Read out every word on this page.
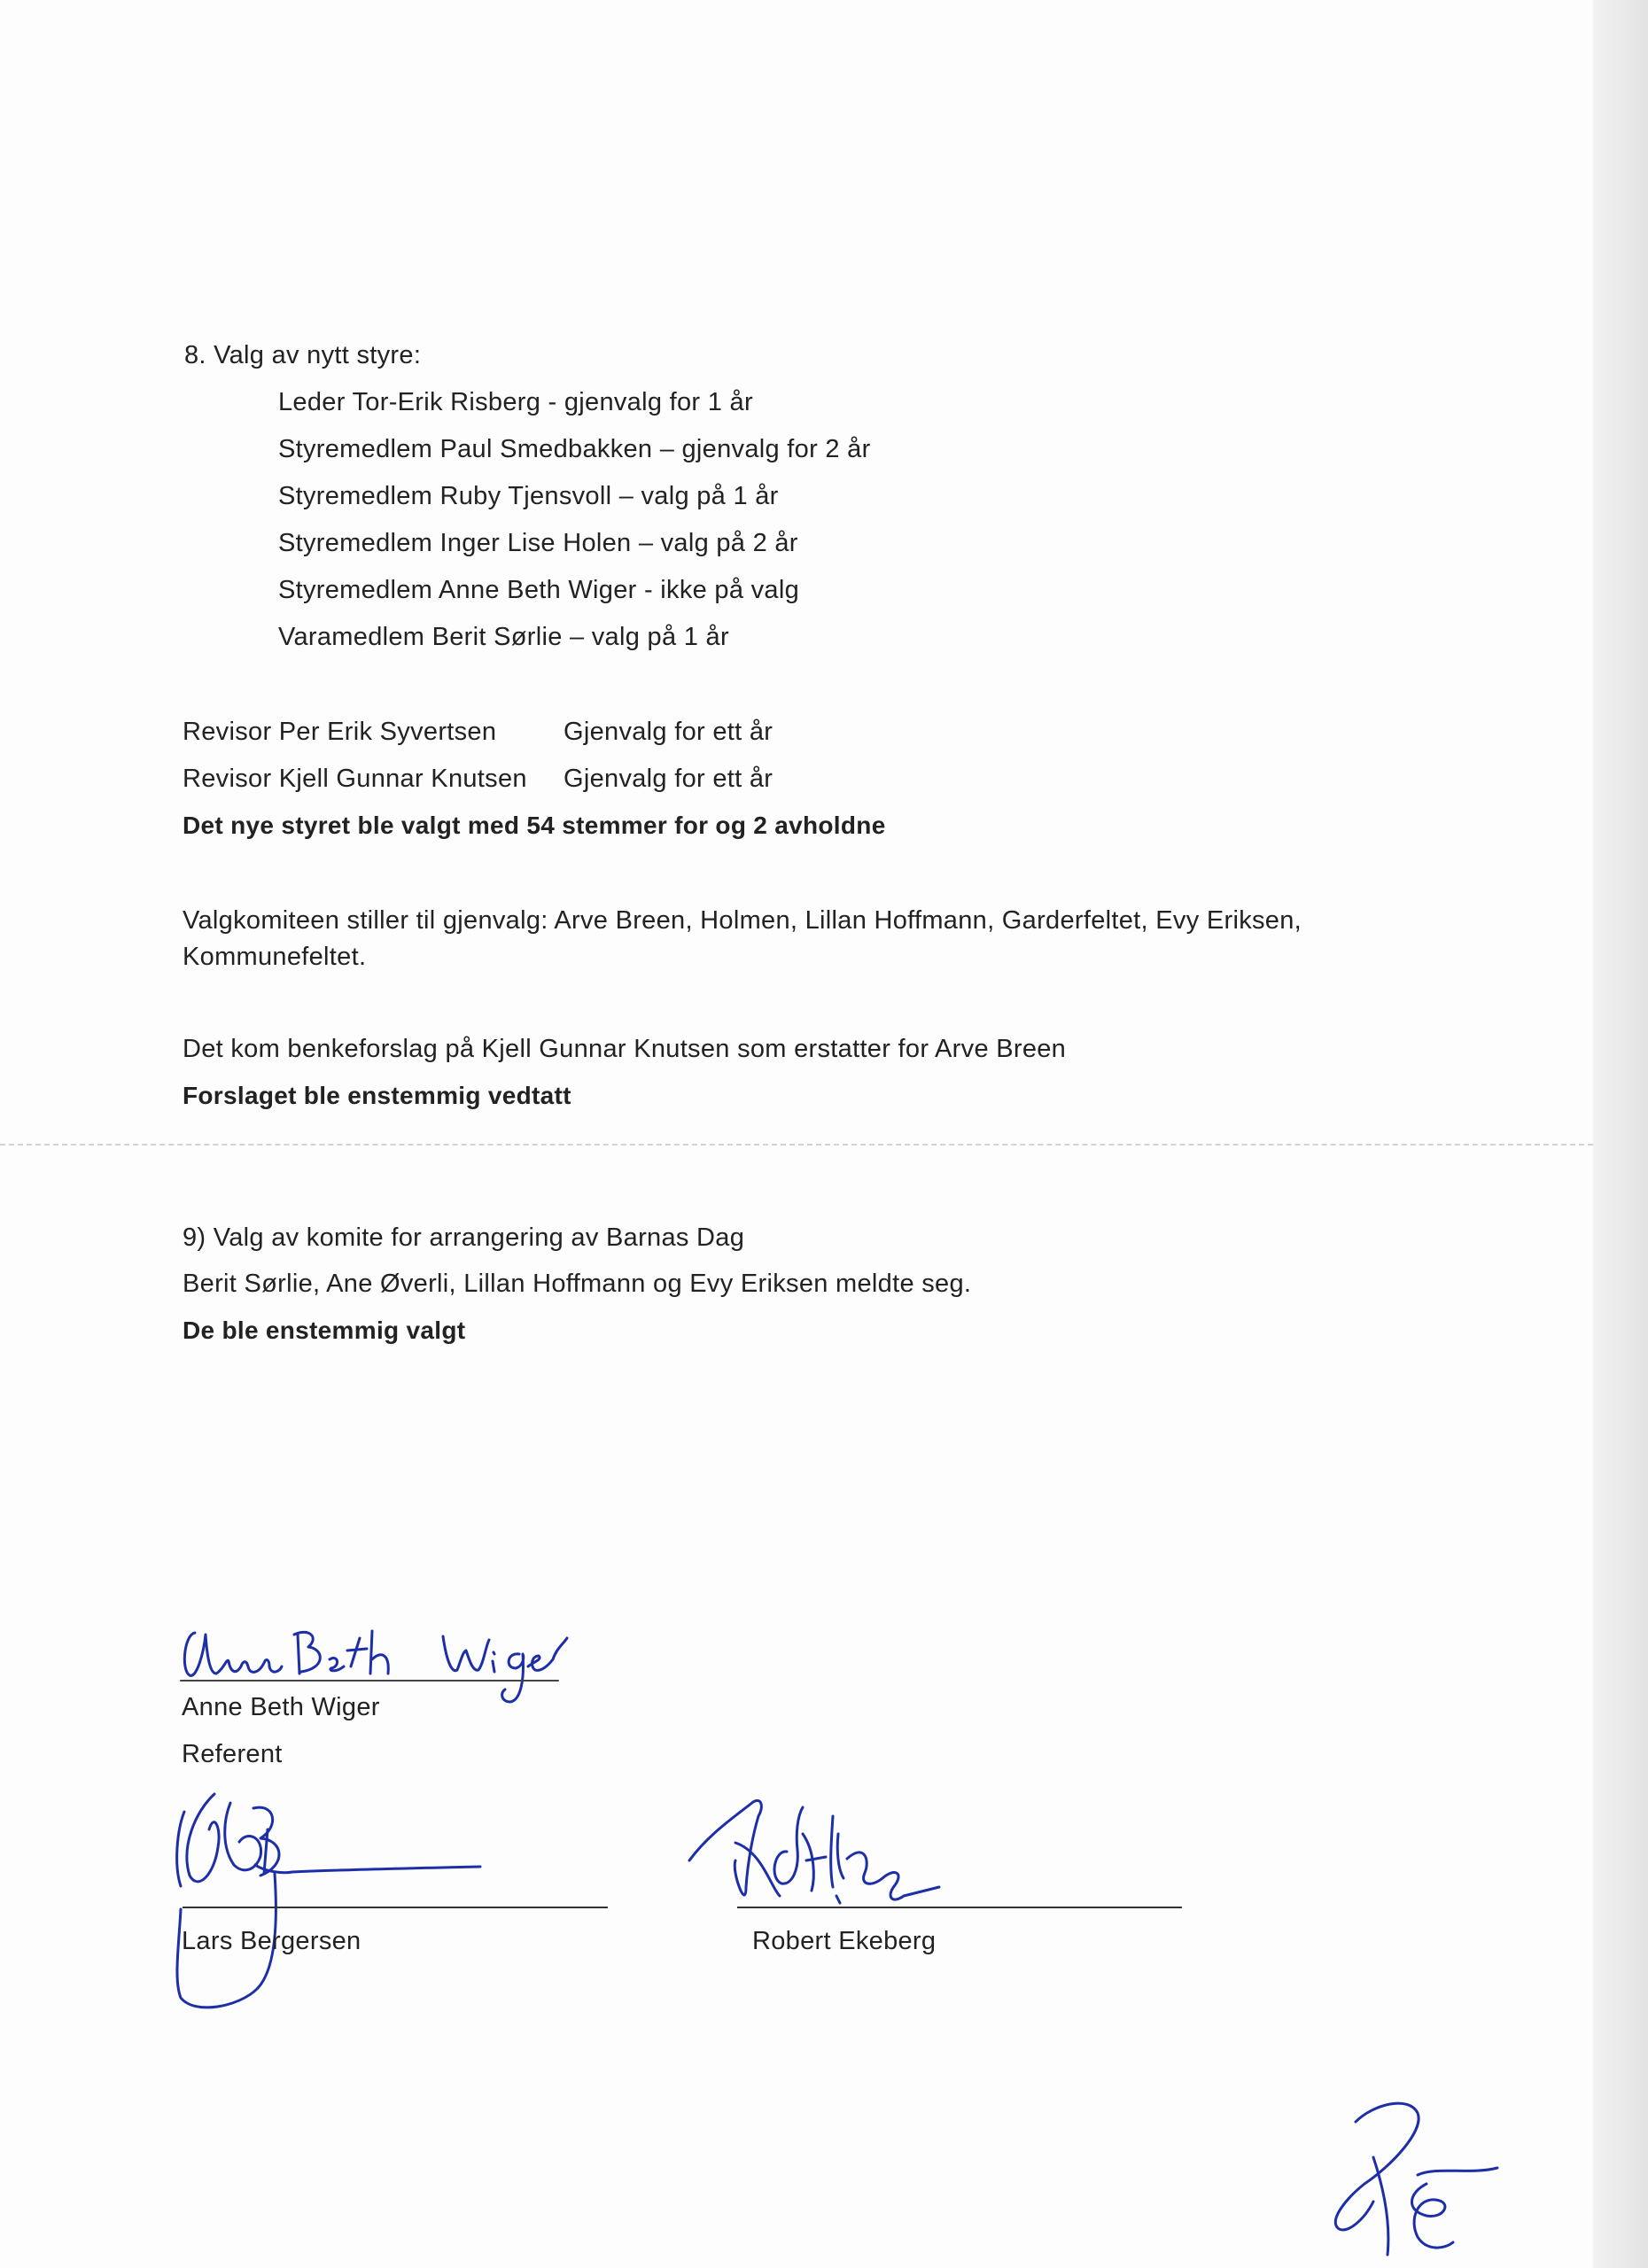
8. Valg av nytt styre:
Leder Tor-Erik Risberg - gjenvalg for 1 år
Styremedlem Paul Smedbakken – gjenvalg for 2 år
Styremedlem Ruby Tjensvoll – valg på 1 år
Styremedlem Inger Lise Holen – valg på 2 år
Styremedlem Anne Beth Wiger - ikke på valg
Varamedlem Berit Sørlie – valg på 1 år
Revisor Per Erik Syvertsen	Gjenvalg for ett år
Revisor Kjell Gunnar Knutsen Gjenvalg for ett år
Det nye styret ble valgt med 54 stemmer for og 2 avholdne
Valgkomiteen stiller til gjenvalg: Arve Breen, Holmen, Lillan Hoffmann, Garderfeltet, Evy Eriksen,
Kommunefeltet.
Det kom benkeforslag på Kjell Gunnar Knutsen som erstatter for Arve Breen
Forslaget ble enstemmig vedtatt
9) Valg av komite for arrangering av Barnas Dag
Berit Sørlie, Ane Øverli, Lillan Hoffmann og Evy Eriksen meldte seg.
De ble enstemmig valgt
Anne Beth Wiger
Referent
Lars Bergersen	Robert Ekeberg
